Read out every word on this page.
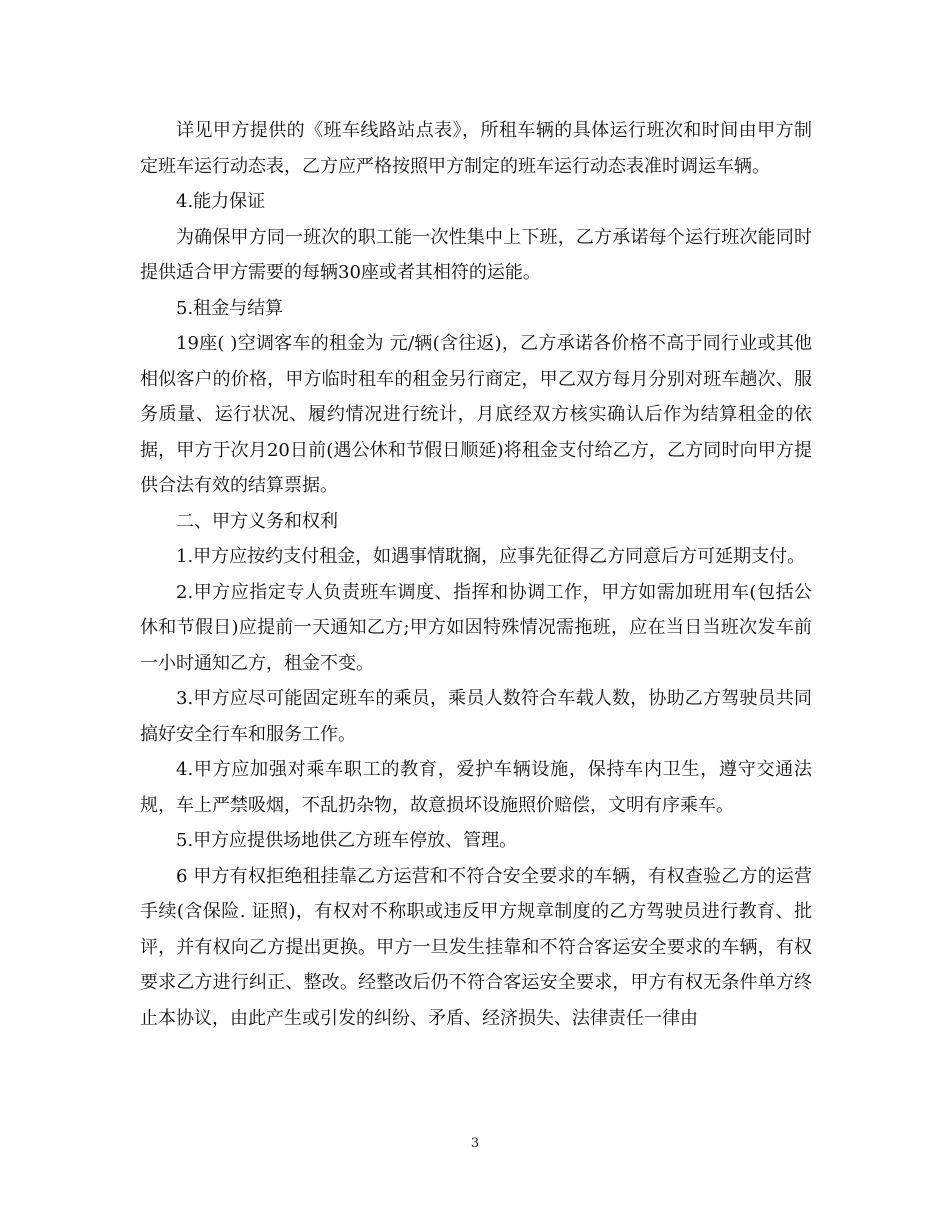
详见甲方提供的《班车线路站点表》，所租车辆的具体运行班次和时间由甲方制定班车运行动态表，乙方应严格按照甲方制定的班车运行动态表准时调运车辆。

4.能力保证

为确保甲方同一班次的职工能一次性集中上下班，乙方承诺每个运行班次能同时提供适合甲方需要的每辆30座或者其相符的运能。

5.租金与结算

19座( )空调客车的租金为 元/辆(含往返)，乙方承诺各价格不高于同行业或其他相似客户的价格，甲方临时租车的租金另行商定，甲乙双方每月分别对班车趟次、服务质量、运行状况、履约情况进行统计，月底经双方核实确认后作为结算租金的依据，甲方于次月20日前(遇公休和节假日顺延)将租金支付给乙方，乙方同时向甲方提供合法有效的结算票据。

二、甲方义务和权利

1.甲方应按约支付租金，如遇事情耽搁，应事先征得乙方同意后方可延期支付。

2.甲方应指定专人负责班车调度、指挥和协调工作，甲方如需加班用车(包括公休和节假日)应提前一天通知乙方;甲方如因特殊情况需拖班，应在当日当班次发车前一小时通知乙方，租金不变。

3.甲方应尽可能固定班车的乘员，乘员人数符合车载人数，协助乙方驾驶员共同搞好安全行车和服务工作。

4.甲方应加强对乘车职工的教育，爱护车辆设施，保持车内卫生，遵守交通法规，车上严禁吸烟，不乱扔杂物，故意损坏设施照价赔偿，文明有序乘车。

5.甲方应提供场地供乙方班车停放、管理。

6 甲方有权拒绝租挂靠乙方运营和不符合安全要求的车辆，有权查验乙方的运营手续(含保险. 证照)，有权对不称职或违反甲方规章制度的乙方驾驶员进行教育、批评，并有权向乙方提出更换。甲方一旦发生挂靠和不符合客运安全要求的车辆，有权要求乙方进行纠正、整改。经整改后仍不符合客运安全要求，甲方有权无条件单方终止本协议，由此产生或引发的纠纷、矛盾、经济损失、法律责任一律由

3
